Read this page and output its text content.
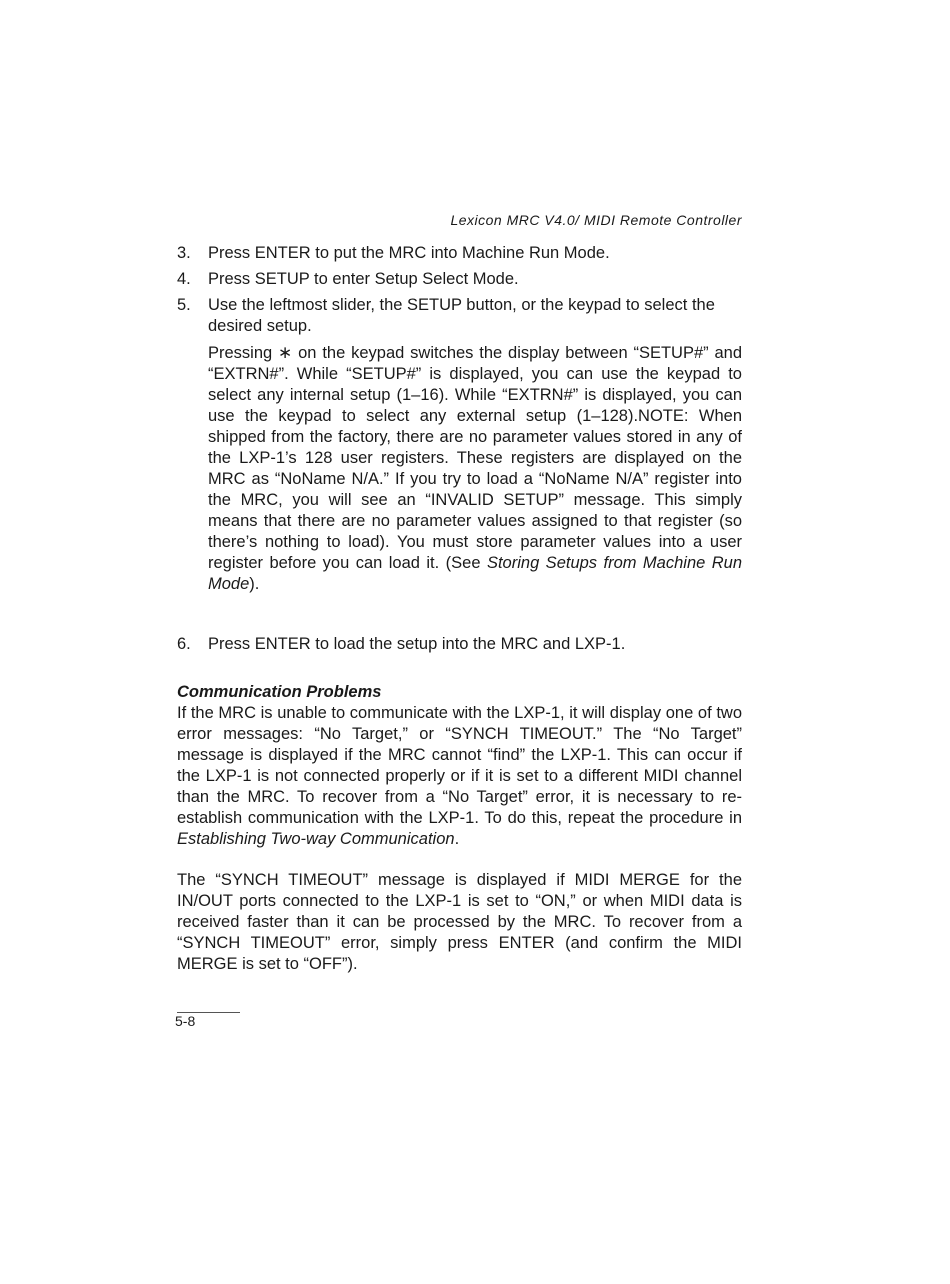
Lexicon MRC V4.0/ MIDI Remote Controller
3.	Press ENTER to put the MRC into Machine Run Mode.
4.	Press SETUP to enter Setup Select Mode.
5.	Use the leftmost slider, the SETUP button, or the keypad to select the desired setup.

Pressing ∗ on the keypad switches the display between “SETUP#” and “EXTRN#”. While “SETUP#” is displayed, you can use the keypad to select any internal setup (1–16). While “EXTRN#” is displayed, you can use the keypad to select any external setup (1–128).NOTE: When shipped from the factory, there are no parameter values stored in any of the LXP-1’s 128 user registers. These registers are displayed on the MRC as “NoName N/A.” If you try to load a “NoName N/A” register into the MRC, you will see an “INVALID SETUP” message. This simply means that there are no parameter values assigned to that register (so there’s nothing to load). You must store parameter values into a user register before you can load it. (See Storing Setups from Machine Run Mode).

6.	Press ENTER to load the setup into the MRC and LXP-1.
Communication Problems

If the MRC is unable to communicate with the LXP-1, it will display one of two error messages: “No Target,” or “SYNCH TIMEOUT.” The “No Target” message is displayed if the MRC cannot “find” the LXP-1. This can occur if the LXP-1 is not connected properly or if it is set to a different MIDI channel than the MRC. To recover from a “No Target” error, it is necessary to re-establish communication with the LXP-1. To do this, repeat the procedure in Establishing Two-way Communication.

The “SYNCH TIMEOUT” message is displayed if MIDI MERGE for the IN/OUT ports connected to the LXP-1 is set to “ON,” or when MIDI data is received faster than it can be processed by the MRC. To recover from a “SYNCH TIMEOUT” error, simply press ENTER (and confirm the MIDI MERGE is set to “OFF”).

5-8
